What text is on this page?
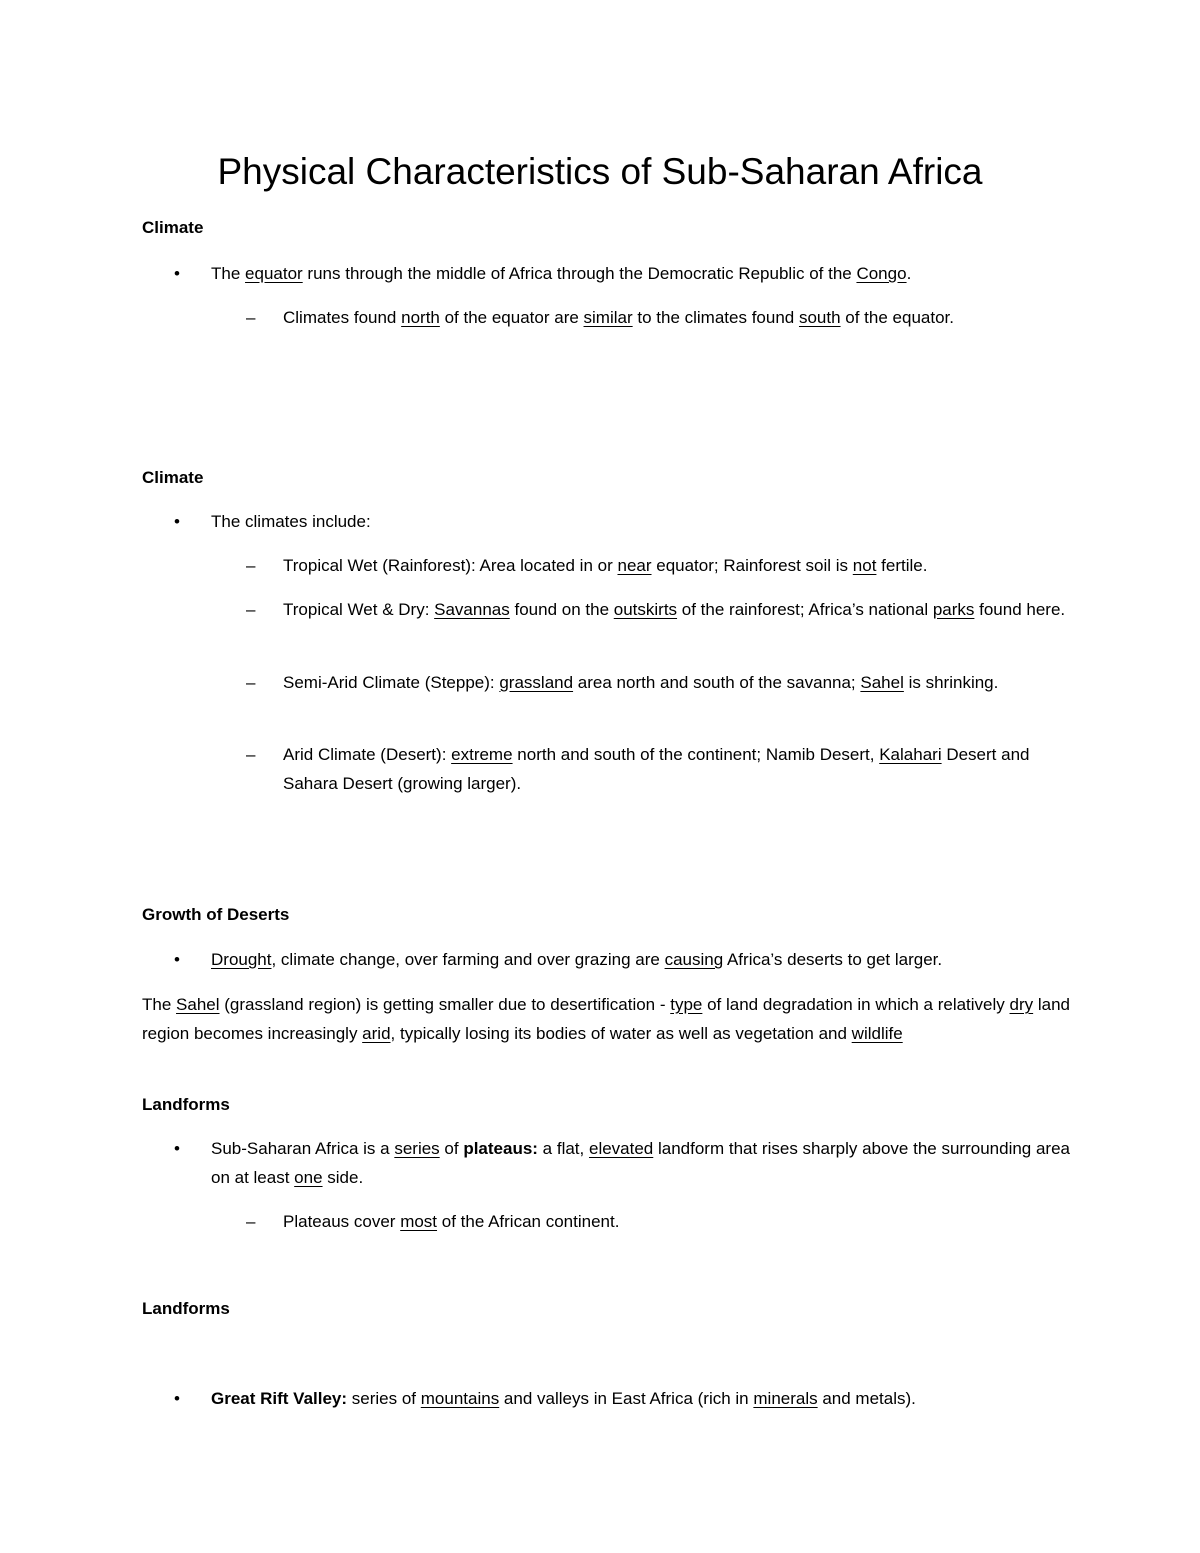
Physical Characteristics of Sub-Saharan Africa
Climate
• The equator runs through the middle of Africa through the Democratic Republic of the Congo.

– Climates found north of the equator are similar to the climates found south of the equator.

Climate
• The climates include:

– Tropical Wet (Rainforest): Area located in or near equator; Rainforest soil is not fertile.

– Tropical Wet & Dry: Savannas found on the outskirts of the rainforest; Africa’s national parks found here.

– Semi-Arid Climate (Steppe): grassland area north and south of the savanna; Sahel is shrinking.

– Arid Climate (Desert): extreme north and south of the continent; Namib Desert, Kalahari Desert and Sahara Desert (growing larger).

Growth of Deserts
• Drought, climate change, over farming and over grazing are causing Africa’s deserts to get larger.

The Sahel (grassland region) is getting smaller due to desertification - type of land degradation in which a relatively dry land region becomes increasingly arid, typically losing its bodies of water as well as vegetation and wildlife

Landforms
• Sub-Saharan Africa is a series of plateaus: a flat, elevated landform that rises sharply above the surrounding area on at least one side.

– Plateaus cover most of the African continent.

Landforms
• Great Rift Valley: series of mountains and valleys in East Africa (rich in minerals and metals).
